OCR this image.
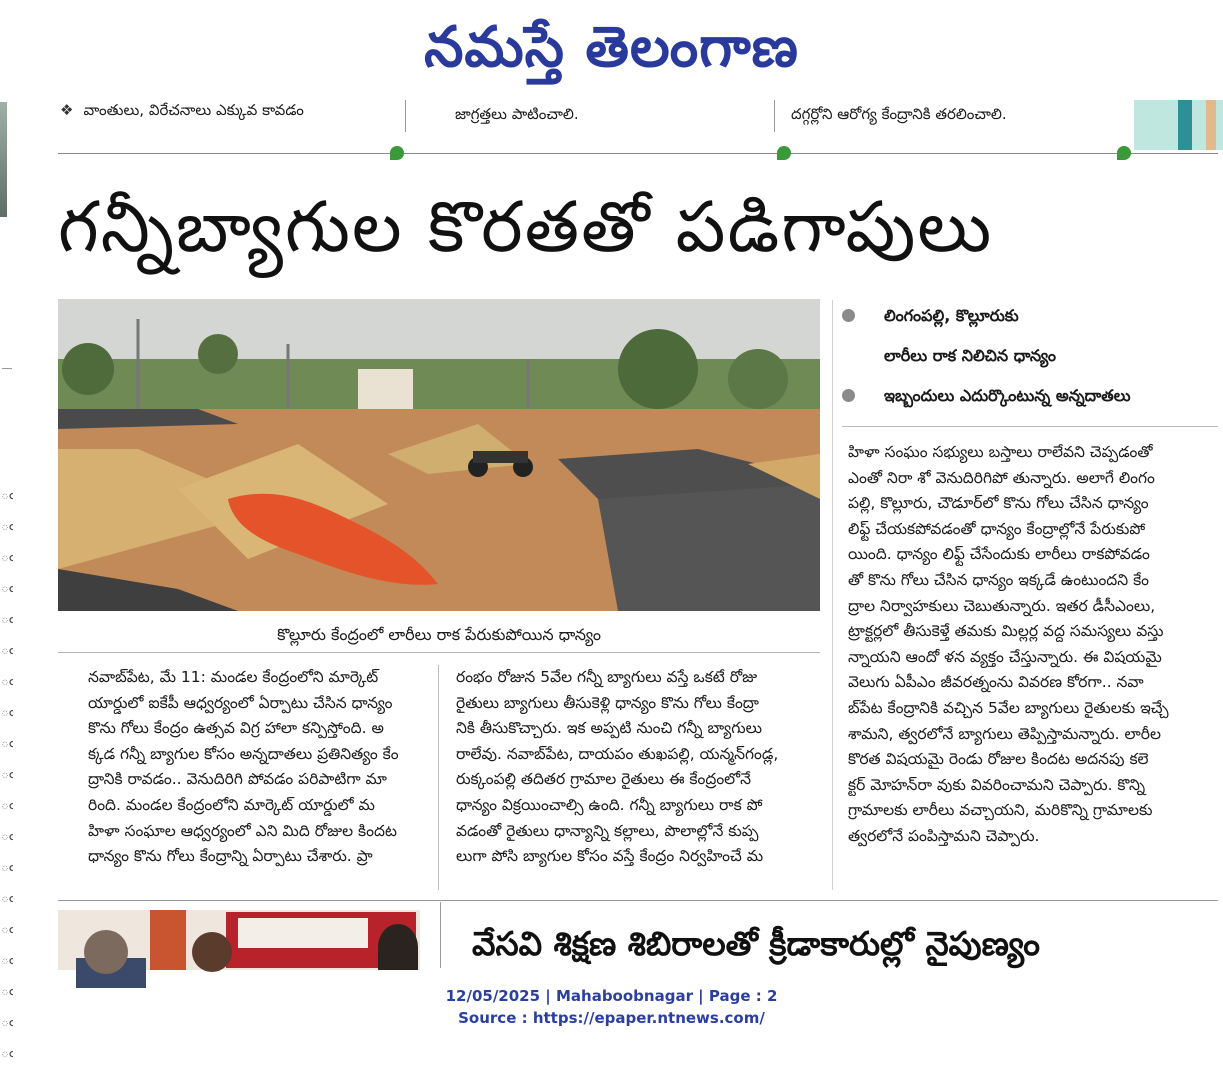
నమస్తే తెలంగాణ
ఁ
ఁ
ఁ
ఁ
ఁ
ఁ
ఁ
ఁ
ఁ
ఁ
ఁ
ఁ
ఁ
ఁ
ఁ
ఁ
ఁ
ఁ
ఁ
❖ వాంతులు, విరేచనాలు ఎక్కువ కావడం	జాగ్రత్తలు పాటించాలి.	దగ్గర్లోని ఆరోగ్య కేంద్రానికి తరలించాలి.
గన్నీబ్యాగుల కొరతతో పడిగాపులు
కొల్లూరు కేంద్రంలో లారీలు రాక పేరుకుపోయిన ధాన్యం
లింగంపల్లి, కొల్లూరుకు
లారీలు రాక నిలిచిన ధాన్యం
ఇబ్బందులు ఎదుర్కొంటున్న అన్నదాతలు

నవాబ్‌పేట, మే 11: మండల కేంద్రంలోని మార్కెట్

యార్డులో ఐకేపీ ఆధ్వర్యంలో ఏర్పాటు చేసిన ధాన్యం

కొను గోలు కేంద్రం ఉత్సవ విగ్ర హాలా కన్పిస్తోంది. అ

క్కడ గన్నీ బ్యాగుల కోసం అన్నదాతలు ప్రతినిత్యం కేం

ద్రానికి రావడం.. వెనుదిరిగి పోవడం పరిపాటిగా మా

రింది. మండల కేంద్రంలోని మార్కెట్ యార్డులో మ

హిళా సంఘాల ఆధ్వర్యంలో ఎని మిది రోజుల కిందట

ధాన్యం కొను గోలు కేంద్రాన్ని ఏర్పాటు చేశారు. ప్రా

రంభం రోజున 5వేల గన్నీ బ్యాగులు వస్తే ఒకటే రోజు

రైతులు బ్యాగులు తీసుకెళ్లి ధాన్యం కొను గోలు కేంద్రా

నికి తీసుకొచ్చారు. ఇక అప్పటి నుంచి గన్నీ బ్యాగులు

రాలేవు. నవాబ్‌పేట, దాయపం తుఖపల్లి, యన్మన్‌గండ్ల,

రుక్కంపల్లి తదితర గ్రామాల రైతులు ఈ కేంద్రంలోనే

ధాన్యం విక్రయించాల్సి ఉంది. గన్నీ బ్యాగులు రాక పో

వడంతో రైతులు ధాన్యాన్ని కల్లాలు, పొలాల్లోనే కుప్ప

లుగా పోసి బ్యాగుల కోసం వస్తే కేంద్రం నిర్వహించే మ

హిళా సంఘం సభ్యులు బస్తాలు రాలేవని చెప్పడంతో

ఎంతో నిరా శో వెనుదిరిగిపో తున్నారు. అలాగే లింగం

పల్లి, కొల్లూరు, చౌడూర్‌లో కొను గోలు చేసిన ధాన్యం

లిఫ్ట్ చేయకపోవడంతో ధాన్యం కేంద్రాల్లోనే పేరుకుపో

యింది. ధాన్యం లిఫ్ట్ చేసేందుకు లారీలు రాకపోవడం

తో కొను గోలు చేసిన ధాన్యం ఇక్కడే ఉంటుందని కేం

ద్రాల నిర్వాహకులు చెబుతున్నారు. ఇతర డీసీఎంలు,

ట్రాక్టర్లలో తీసుకెళ్తే తమకు మిల్లర్ల వద్ద సమస్యలు వస్తు

న్నాయని ఆందో ళన వ్యక్తం చేస్తున్నారు. ఈ విషయమై

వెలుగు ఏపీఎం జీవరత్నంను వివరణ కోరగా.. నవా

బ్‌పేట కేంద్రానికి వచ్చిన 5వేల బ్యాగులు రైతులకు ఇచ్చే

శామని, త్వరలోనే బ్యాగులు తెప్పిస్తామన్నారు. లారీల

కొరత విషయమై రెండు రోజుల కిందట అదనపు కలె

క్టర్ మోహన్‌రా వుకు వివరించామని చెప్పారు. కొన్ని

గ్రామాలకు లారీలు వచ్చాయని, మరికొన్ని గ్రామాలకు

త్వరలోనే పంపిస్తామని చెప్పారు.

వేసవి శిక్షణ శిబిరాలతో క్రీడాకారుల్లో నైపుణ్యం
12/05/2025 | Mahaboobnagar | Page : 2
Source : https://epaper.ntnews.com/
